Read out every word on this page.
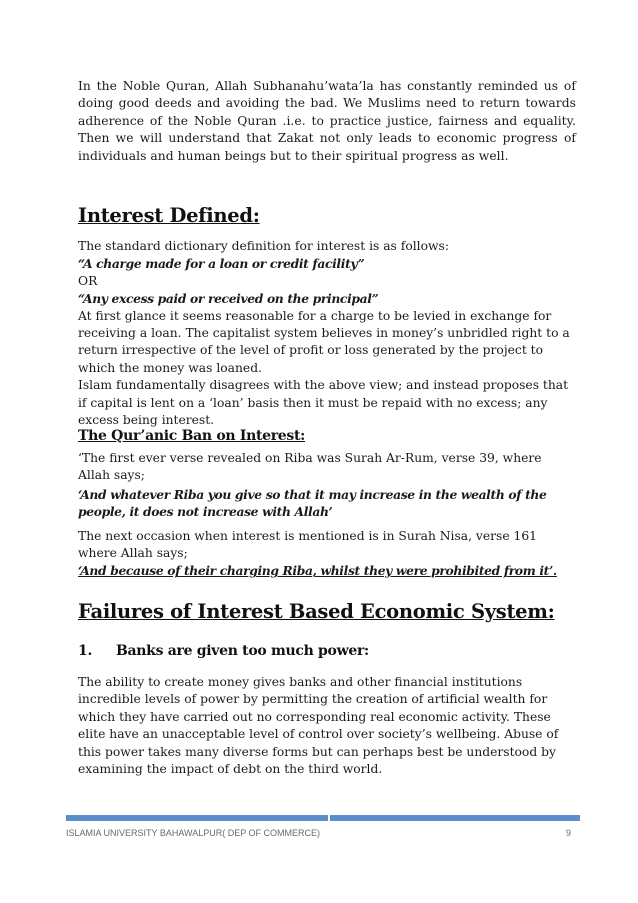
In the Noble Quran, Allah Subhanahu’wata’la has constantly reminded us of doing good deeds and avoiding the bad. We Muslims need to return towards adherence of the Noble Quran .i.e. to practice justice, fairness and equality. Then we will understand that Zakat not only leads to economic progress of individuals and human beings but to their spiritual progress as well.

Interest Defined:

The standard dictionary definition for interest is as follows:

“A charge made for a loan or credit facility”

OR

“Any excess paid or received on the principal”

At first glance it seems reasonable for a charge to be levied in exchange for receiving a loan. The capitalist system believes in money’s unbridled right to a return irrespective of the level of profit or loss generated by the project to which the money was loaned.

Islam fundamentally disagrees with the above view; and instead proposes that if capital is lent on a ‘loan’ basis then it must be repaid with no excess; any excess being interest.

The Qur’anic Ban on Interest:

‘The first ever verse revealed on Riba was Surah Ar-Rum, verse 39, where Allah says;

‘And whatever Riba you give so that it may increase in the wealth of the people, it does not increase with Allah’

The next occasion when interest is mentioned is in Surah Nisa, verse 161 where Allah says;

‘And because of their charging Riba, whilst they were prohibited from it’.

Failures of Interest Based Economic System:
1. Banks are given too much power:

The ability to create money gives banks and other financial institutions incredible levels of power by permitting the creation of artificial wealth for which they have carried out no corresponding real economic activity. These elite have an unacceptable level of control over society’s wellbeing. Abuse of this power takes many diverse forms but can perhaps best be understood by examining the impact of debt on the third world.

ISLAMIA UNIVERSITY BAHAWALPUR( DEP OF COMMERCE)	9
